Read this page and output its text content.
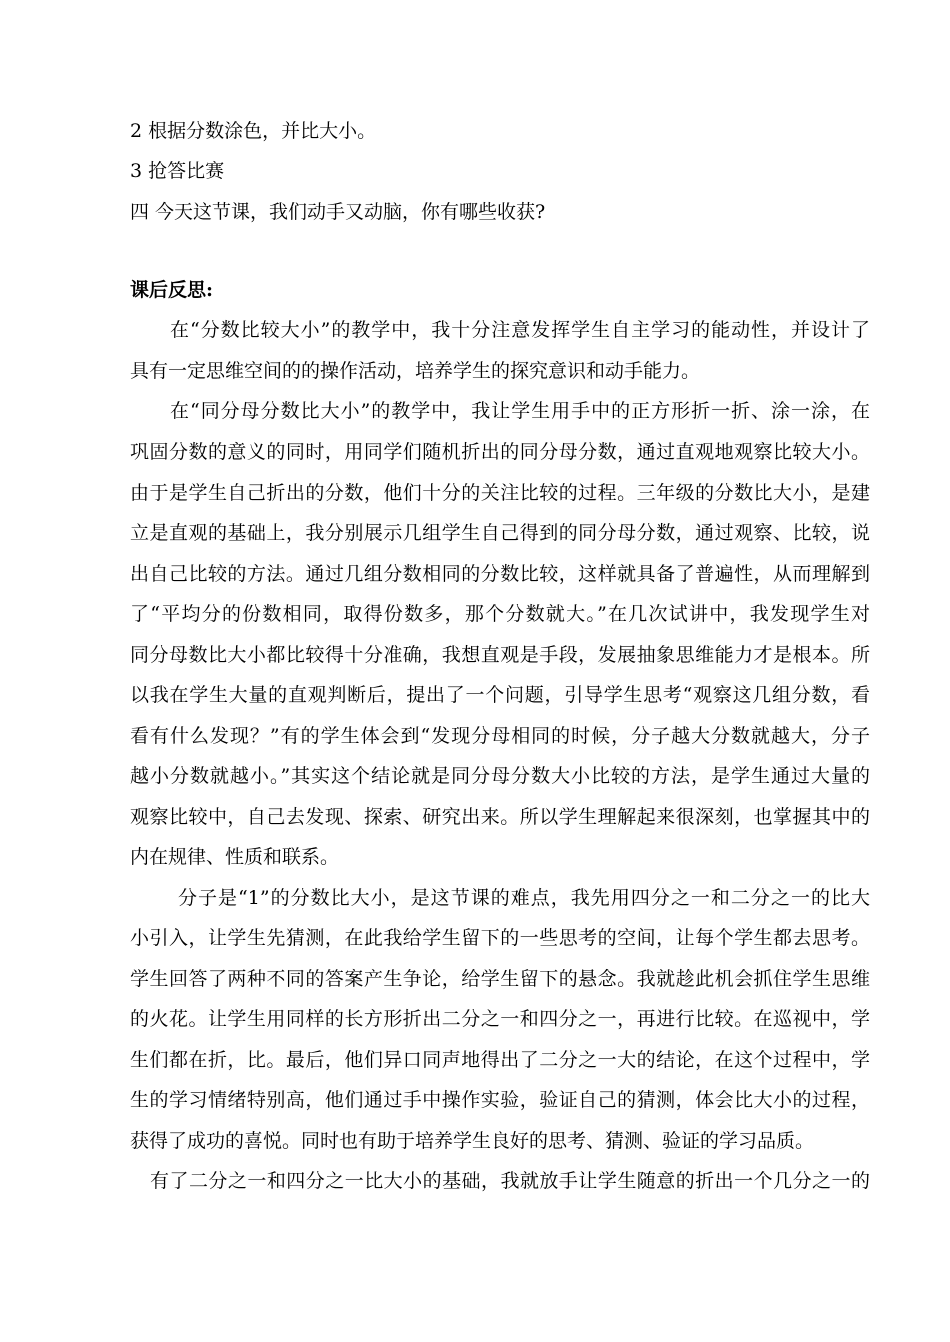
2 根据分数涂色，并比大小。
3 抢答比赛
四 今天这节课，我们动手又动脑，你有哪些收获?
课后反思:
在“分数比较大小”的教学中，我十分注意发挥学生自主学习的能动性，并设计了
具有一定思维空间的的操作活动，培养学生的探究意识和动手能力。
在“同分母分数比大小”的教学中，我让学生用手中的正方形折一折、涂一涂，在
巩固分数的意义的同时，用同学们随机折出的同分母分数，通过直观地观察比较大小。
由于是学生自己折出的分数，他们十分的关注比较的过程。三年级的分数比大小，是建
立是直观的基础上，我分别展示几组学生自己得到的同分母分数，通过观察、比较，说
出自己比较的方法。通过几组分数相同的分数比较，这样就具备了普遍性，从而理解到
了“平均分的份数相同，取得份数多，那个分数就大。”在几次试讲中，我发现学生对
同分母数比大小都比较得十分准确，我想直观是手段，发展抽象思维能力才是根本。所
以我在学生大量的直观判断后，提出了一个问题，引导学生思考“观察这几组分数，看
看有什么发现？”有的学生体会到“发现分母相同的时候，分子越大分数就越大，分子
越小分数就越小。”其实这个结论就是同分母分数大小比较的方法，是学生通过大量的
观察比较中，自己去发现、探索、研究出来。所以学生理解起来很深刻，也掌握其中的
内在规律、性质和联系。
分子是“1”的分数比大小，是这节课的难点，我先用四分之一和二分之一的比大
小引入，让学生先猜测，在此我给学生留下的一些思考的空间，让每个学生都去思考。
学生回答了两种不同的答案产生争论，给学生留下的悬念。我就趁此机会抓住学生思维
的火花。让学生用同样的长方形折出二分之一和四分之一，再进行比较。在巡视中，学
生们都在折，比。最后，他们异口同声地得出了二分之一大的结论，在这个过程中，学
生的学习情绪特别高，他们通过手中操作实验，验证自己的猜测，体会比大小的过程，
获得了成功的喜悦。同时也有助于培养学生良好的思考、猜测、验证的学习品质。
有了二分之一和四分之一比大小的基础，我就放手让学生随意的折出一个几分之一的
